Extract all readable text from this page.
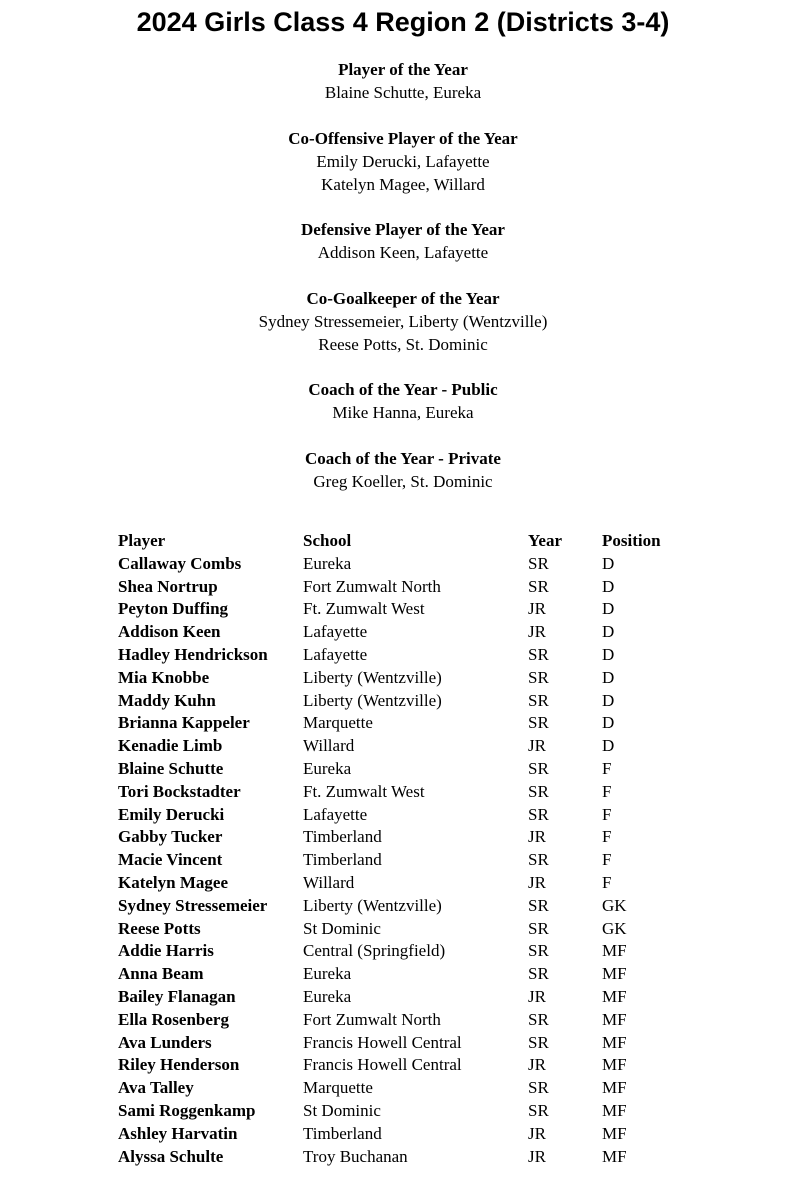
2024 Girls Class 4 Region 2 (Districts 3-4)
Player of the Year
Blaine Schutte, Eureka
Co-Offensive Player of the Year
Emily Derucki, Lafayette
Katelyn Magee, Willard
Defensive Player of the Year
Addison Keen, Lafayette
Co-Goalkeeper of the Year
Sydney Stressemeier, Liberty (Wentzville)
Reese Potts, St. Dominic
Coach of the Year - Public
Mike Hanna, Eureka
Coach of the Year - Private
Greg Koeller, St. Dominic
Player	School	Year	Position
Callaway Combs	Eureka	SR	D
Shea Nortrup	Fort Zumwalt North	SR	D
Peyton Duffing	Ft. Zumwalt West	JR	D
Addison Keen	Lafayette	JR	D
Hadley Hendrickson	Lafayette	SR	D
Mia Knobbe	Liberty (Wentzville)	SR	D
Maddy Kuhn	Liberty (Wentzville)	SR	D
Brianna Kappeler	Marquette	SR	D
Kenadie Limb	Willard	JR	D
Blaine Schutte	Eureka	SR	F
Tori Bockstadter	Ft. Zumwalt West	SR	F
Emily Derucki	Lafayette	SR	F
Gabby Tucker	Timberland	JR	F
Macie Vincent	Timberland	SR	F
Katelyn Magee	Willard	JR	F
Sydney Stressemeier	Liberty (Wentzville)	SR	GK
Reese Potts	St Dominic	SR	GK
Addie Harris	Central (Springfield)	SR	MF
Anna Beam	Eureka	SR	MF
Bailey Flanagan	Eureka	JR	MF
Ella Rosenberg	Fort Zumwalt North	SR	MF
Ava Lunders	Francis Howell Central	SR	MF
Riley Henderson	Francis Howell Central	JR	MF
Ava Talley	Marquette	SR	MF
Sami Roggenkamp	St Dominic	SR	MF
Ashley Harvatin	Timberland	JR	MF
Alyssa Schulte	Troy Buchanan	JR	MF
